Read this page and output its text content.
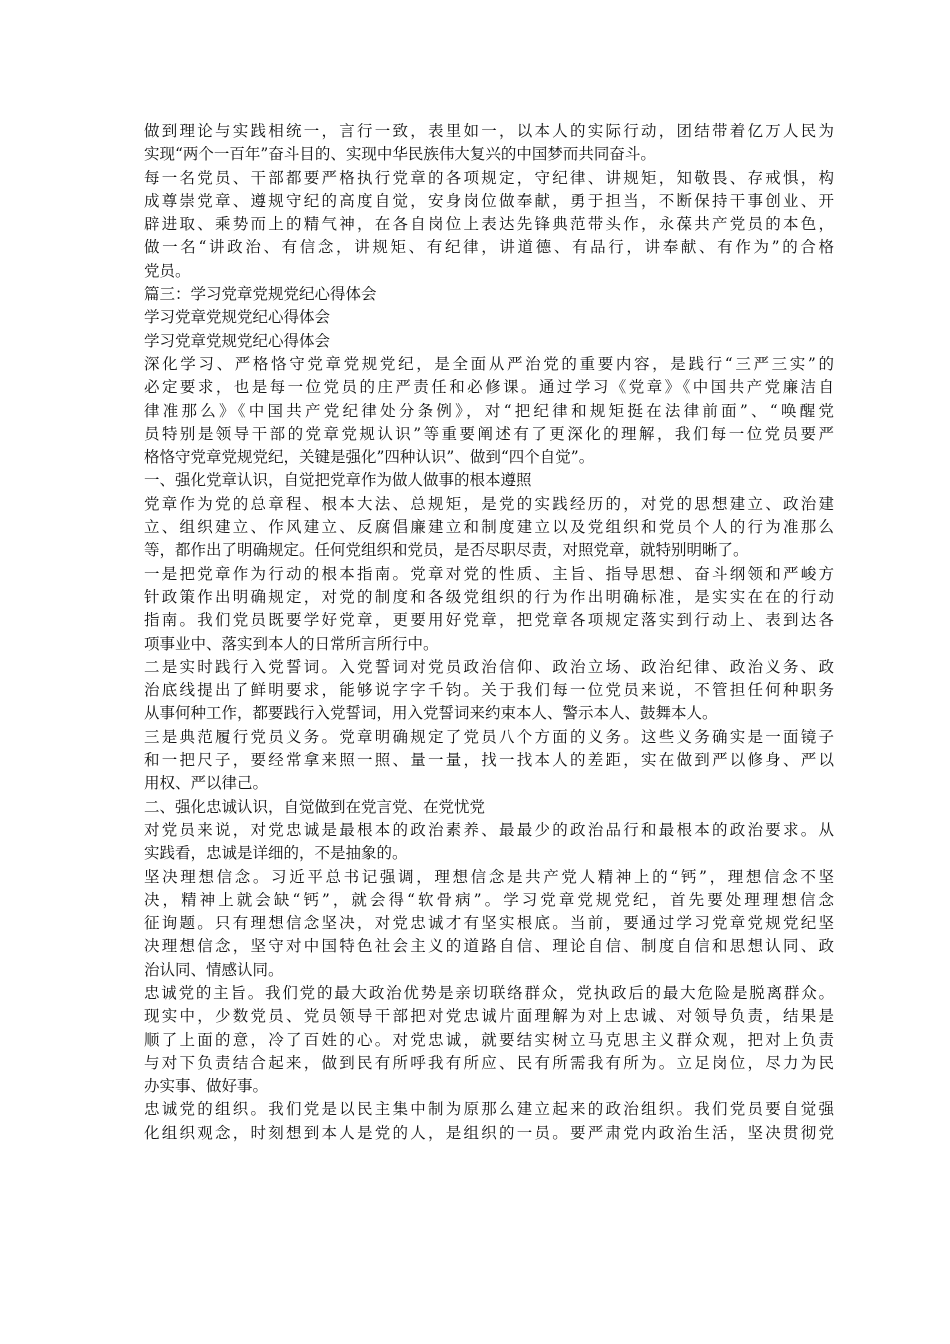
做到理论与实践相统一，言行一致，表里如一，以本人的实际行动，团结带着亿万人民为
实现“两个一百年”奋斗目的、实现中华民族伟大复兴的中国梦而共同奋斗。
每一名党员、干部都要严格执行党章的各项规定，守纪律、讲规矩，知敬畏、存戒惧，构
成尊崇党章、遵规守纪的高度自觉，安身岗位做奉献，勇于担当，不断保持干事创业、开
辟进取、乘势而上的精气神，在各自岗位上表达先锋典范带头作，永葆共产党员的本色，
做一名“讲政治、有信念，讲规矩、有纪律，讲道德、有品行，讲奉献、有作为”的合格
党员。
篇三：学习党章党规党纪心得体会
学习党章党规党纪心得体会
学习党章党规党纪心得体会
深化学习、严格恪守党章党规党纪，是全面从严治党的重要内容，是践行“三严三实”的
必定要求，也是每一位党员的庄严责任和必修课。通过学习《党章》《中国共产党廉洁自
律准那么》《中国共产党纪律处分条例》，对“把纪律和规矩挺在法律前面”、“唤醒党
员特别是领导干部的党章党规认识”等重要阐述有了更深化的理解，我们每一位党员要严
格恪守党章党规党纪，关键是强化”四种认识”、做到“四个自觉”。
一、强化党章认识，自觉把党章作为做人做事的根本遵照
党章作为党的总章程、根本大法、总规矩，是党的实践经历的，对党的思想建立、政治建
立、组织建立、作风建立、反腐倡廉建立和制度建立以及党组织和党员个人的行为准那么
等，都作出了明确规定。任何党组织和党员，是否尽职尽责，对照党章，就特别明晰了。
一是把党章作为行动的根本指南。党章对党的性质、主旨、指导思想、奋斗纲领和严峻方
针政策作出明确规定，对党的制度和各级党组织的行为作出明确标准，是实实在在的行动
指南。我们党员既要学好党章，更要用好党章，把党章各项规定落实到行动上、表到达各
项事业中、落实到本人的日常所言所行中。
二是实时践行入党誓词。入党誓词对党员政治信仰、政治立场、政治纪律、政治义务、政
治底线提出了鲜明要求，能够说字字千钧。关于我们每一位党员来说，不管担任何种职务
从事何种工作，都要践行入党誓词，用入党誓词来约束本人、警示本人、鼓舞本人。
三是典范履行党员义务。党章明确规定了党员八个方面的义务。这些义务确实是一面镜子
和一把尺子，要经常拿来照一照、量一量，找一找本人的差距，实在做到严以修身、严以
用权、严以律己。
二、强化忠诚认识，自觉做到在党言党、在党忧党
对党员来说，对党忠诚是最根本的政治素养、最最少的政治品行和最根本的政治要求。从
实践看，忠诚是详细的，不是抽象的。
坚决理想信念。习近平总书记强调，理想信念是共产党人精神上的“钙”，理想信念不坚
决，精神上就会缺“钙”，就会得“软骨病”。学习党章党规党纪，首先要处理理想信念
征询题。只有理想信念坚决，对党忠诚才有坚实根底。当前，要通过学习党章党规党纪坚
决理想信念，坚守对中国特色社会主义的道路自信、理论自信、制度自信和思想认同、政
治认同、情感认同。
忠诚党的主旨。我们党的最大政治优势是亲切联络群众，党执政后的最大危险是脱离群众。
现实中，少数党员、党员领导干部把对党忠诚片面理解为对上忠诚、对领导负责，结果是
顺了上面的意，冷了百姓的心。对党忠诚，就要结实树立马克思主义群众观，把对上负责
与对下负责结合起来，做到民有所呼我有所应、民有所需我有所为。立足岗位，尽力为民
办实事、做好事。
忠诚党的组织。我们党是以民主集中制为原那么建立起来的政治组织。我们党员要自觉强
化组织观念，时刻想到本人是党的人，是组织的一员。要严肃党内政治生活，坚决贯彻党
